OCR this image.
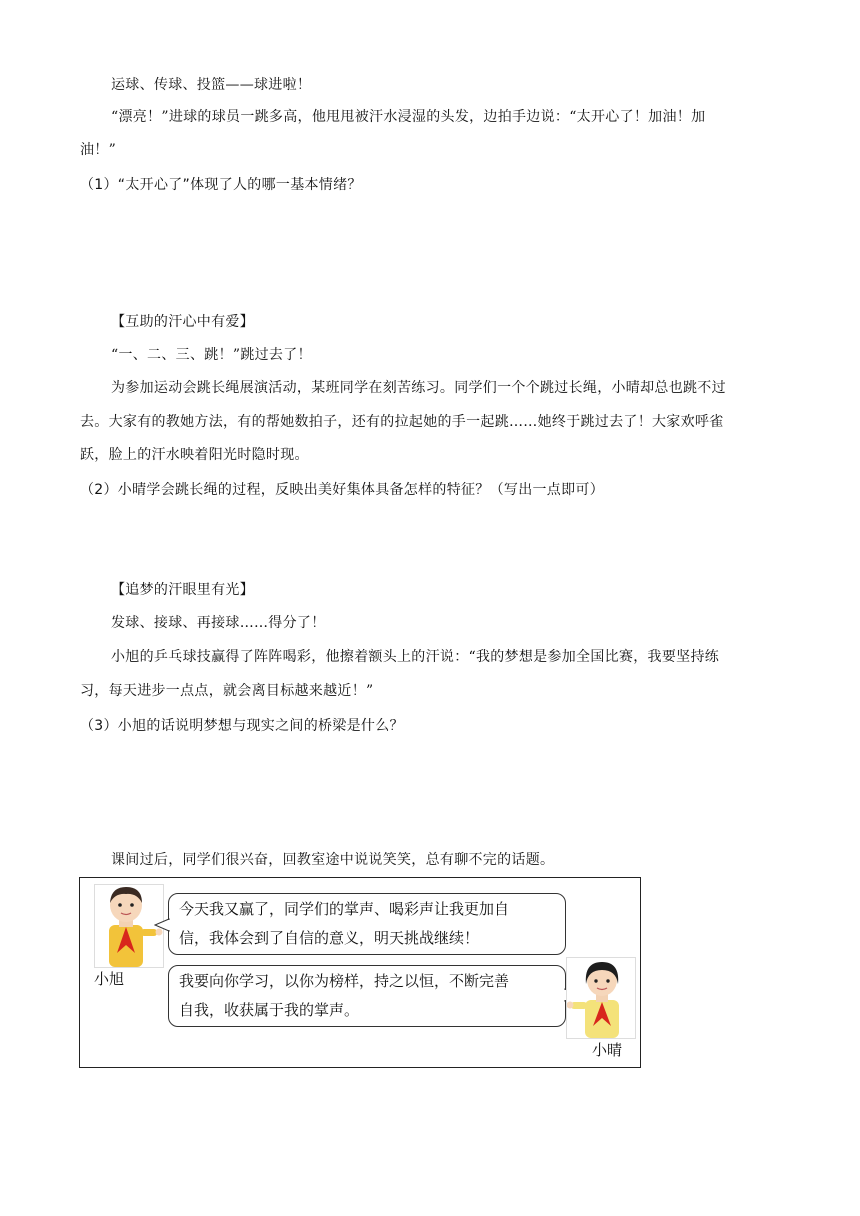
运球、传球、投篮——球进啦！
“漂亮！”进球的球员一跳多高，他甩甩被汗水浸湿的头发，边拍手边说：“太开心了！加油！加
油！”
（1）“太开心了”体现了人的哪一基本情绪？
【互助的汗心中有爱】
“一、二、三、跳！”跳过去了！
为参加运动会跳长绳展演活动，某班同学在刻苦练习。同学们一个个跳过长绳，小晴却总也跳不过
去。大家有的教她方法，有的帮她数拍子，还有的拉起她的手一起跳……她终于跳过去了！大家欢呼雀
跃，脸上的汗水映着阳光时隐时现。
（2）小晴学会跳长绳的过程，反映出美好集体具备怎样的特征？（写出一点即可）
【追梦的汗眼里有光】
发球、接球、再接球……得分了！
小旭的乒乓球技赢得了阵阵喝彩，他擦着额头上的汗说：“我的梦想是参加全国比赛，我要坚持练
习，每天进步一点点，就会离目标越来越近！”
（3）小旭的话说明梦想与现实之间的桥梁是什么？
课间过后，同学们很兴奋，回教室途中说说笑笑，总有聊不完的话题。
小旭
今天我又赢了，同学们的掌声、喝彩声让我更加自
信，我体会到了自信的意义，明天挑战继续！
我要向你学习，以你为榜样，持之以恒，不断完善
自我，收获属于我的掌声。
小晴
